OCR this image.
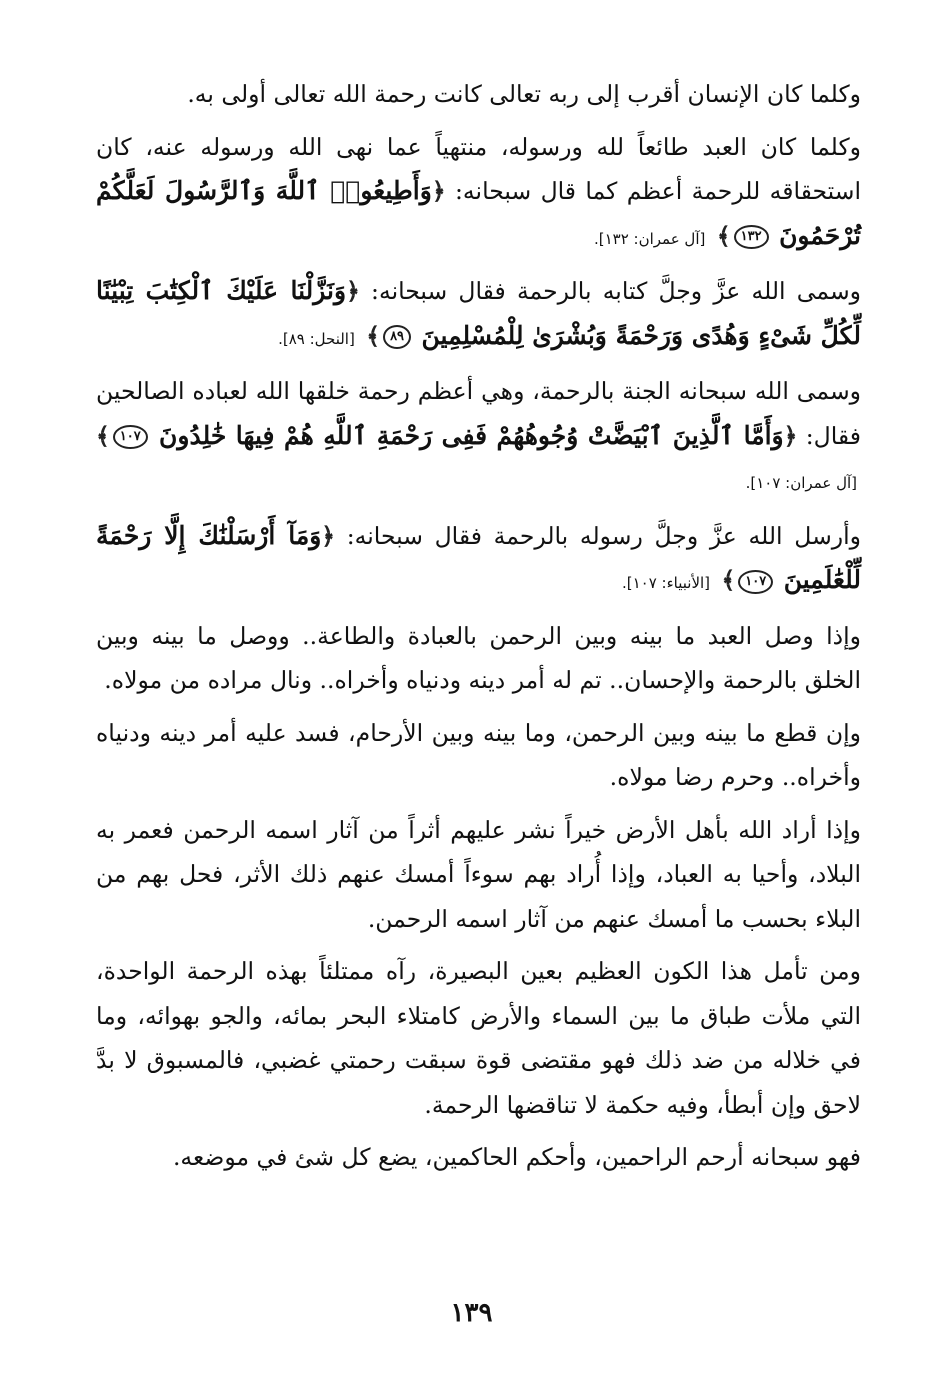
وكلما كان الإنسان أقرب إلى ربه تعالى كانت رحمة الله تعالى أولى به.

وكلما كان العبد طائعاً لله ورسوله، منتهياً عما نهى الله ورسوله عنه، كان استحقاقه للرحمة أعظم كما قال سبحانه: ﴿وَأَطِيعُوا۟ ٱللَّهَ وَٱلرَّسُولَ لَعَلَّكُمْ تُرْحَمُونَ ١٣٢﴾ [آل عمران: ١٣٢].

وسمى الله عزَّ وجلَّ كتابه بالرحمة فقال سبحانه: ﴿وَنَزَّلْنَا عَلَيْكَ ٱلْكِتَٰبَ تِبْيَٰنًا لِّكُلِّ شَىْءٍ وَهُدًى وَرَحْمَةً وَبُشْرَىٰ لِلْمُسْلِمِينَ ٨٩﴾ [النحل: ٨٩].

وسمى الله سبحانه الجنة بالرحمة، وهي أعظم رحمة خلقها الله لعباده الصالحين فقال: ﴿وَأَمَّا ٱلَّذِينَ ٱبْيَضَّتْ وُجُوهُهُمْ فَفِى رَحْمَةِ ٱللَّهِ هُمْ فِيهَا خَٰلِدُونَ ١٠٧﴾ [آل عمران: ١٠٧].

وأرسل الله عزَّ وجلَّ رسوله بالرحمة فقال سبحانه: ﴿وَمَآ أَرْسَلْنَٰكَ إِلَّا رَحْمَةً لِّلْعَٰلَمِينَ ١٠٧﴾ [الأنبياء: ١٠٧].

وإذا وصل العبد ما بينه وبين الرحمن بالعبادة والطاعة.. ووصل ما بينه وبين الخلق بالرحمة والإحسان.. تم له أمر دينه ودنياه وأخراه.. ونال مراده من مولاه.

وإن قطع ما بينه وبين الرحمن، وما بينه وبين الأرحام، فسد عليه أمر دينه ودنياه وأخراه.. وحرم رضا مولاه.

وإذا أراد الله بأهل الأرض خيراً نشر عليهم أثراً من آثار اسمه الرحمن فعمر به البلاد، وأحيا به العباد، وإذا أُراد بهم سوءاً أمسك عنهم ذلك الأثر، فحل بهم من البلاء بحسب ما أمسك عنهم من آثار اسمه الرحمن.

ومن تأمل هذا الكون العظيم بعين البصيرة، رآه ممتلئاً بهذه الرحمة الواحدة، التي ملأت طباق ما بين السماء والأرض كامتلاء البحر بمائه، والجو بهوائه، وما في خلاله من ضد ذلك فهو مقتضى قوة سبقت رحمتي غضبي، فالمسبوق لا بدَّ لاحق وإن أبطأ، وفيه حكمة لا تناقضها الرحمة.

فهو سبحانه أرحم الراحمين، وأحكم الحاكمين، يضع كل شئ في موضعه.

١٣٩
